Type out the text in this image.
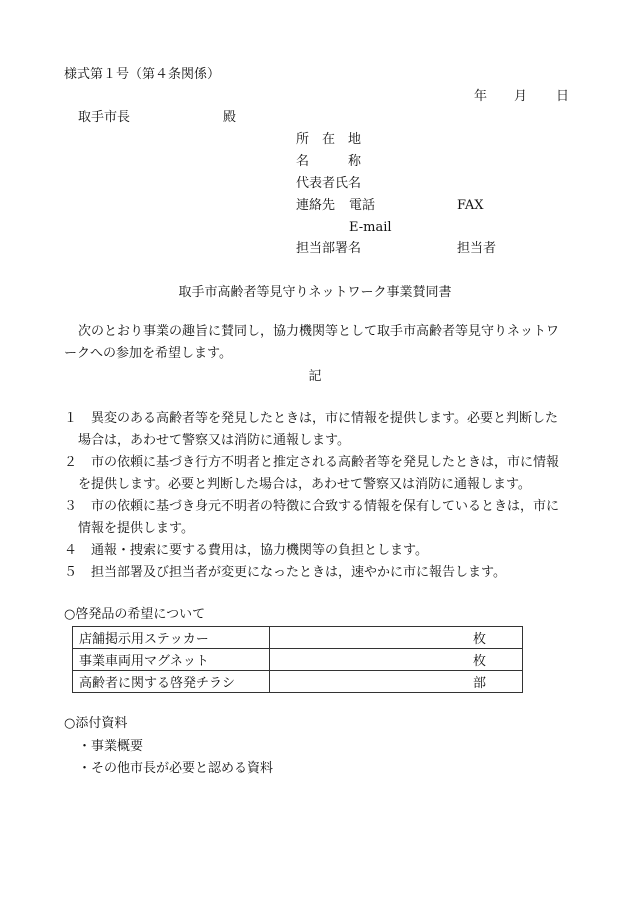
様式第１号（第４条関係）
年 月 日
取手市長	殿
所　在　地
名　　　称
代表者氏名
連絡先 電話	FAX
E-mail
担当部署名	担当者
取手市高齢者等見守りネットワーク事業賛同書
次のとおり事業の趣旨に賛同し，協力機関等として取手市高齢者等見守りネットワ
ークへの参加を希望します。
記
１ 異変のある高齢者等を発見したときは，市に情報を提供します。必要と判断した
場合は，あわせて警察又は消防に通報します。
２ 市の依頼に基づき行方不明者と推定される高齢者等を発見したときは，市に情報
を提供します。必要と判断した場合は，あわせて警察又は消防に通報します。
３ 市の依頼に基づき身元不明者の特徴に合致する情報を保有しているときは，市に
情報を提供します。
４ 通報・捜索に要する費用は，協力機関等の負担とします。
５ 担当部署及び担当者が変更になったときは，速やかに市に報告します。
○啓発品の希望について
店舗掲示用ステッカー	枚
事業車両用マグネット	枚
高齢者に関する啓発チラシ	部
○添付資料
・事業概要
・その他市長が必要と認める資料
